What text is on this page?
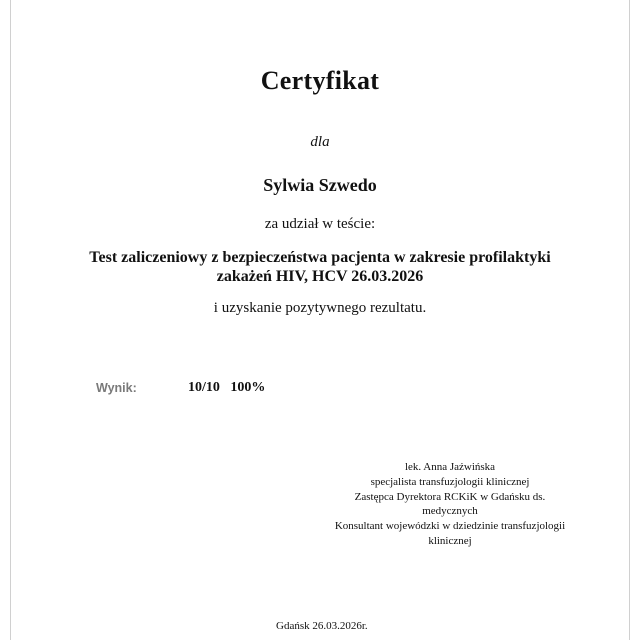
Certyfikat
dla
Sylwia Szwedo
za udział w teście:
Test zaliczeniowy z bezpieczeństwa pacjenta w zakresie profilaktyki
zakażeń HIV, HCV 26.03.2026
i uzyskanie pozytywnego rezultatu.
Wynik:	10/10   100%
lek. Anna Jaźwińska
specjalista transfuzjologii klinicznej
Zastępca Dyrektora RCKiK w Gdańsku ds.
medycznych
Konsultant wojewódzki w dziedzinie transfuzjologii
klinicznej
Gdańsk 26.03.2026r.
